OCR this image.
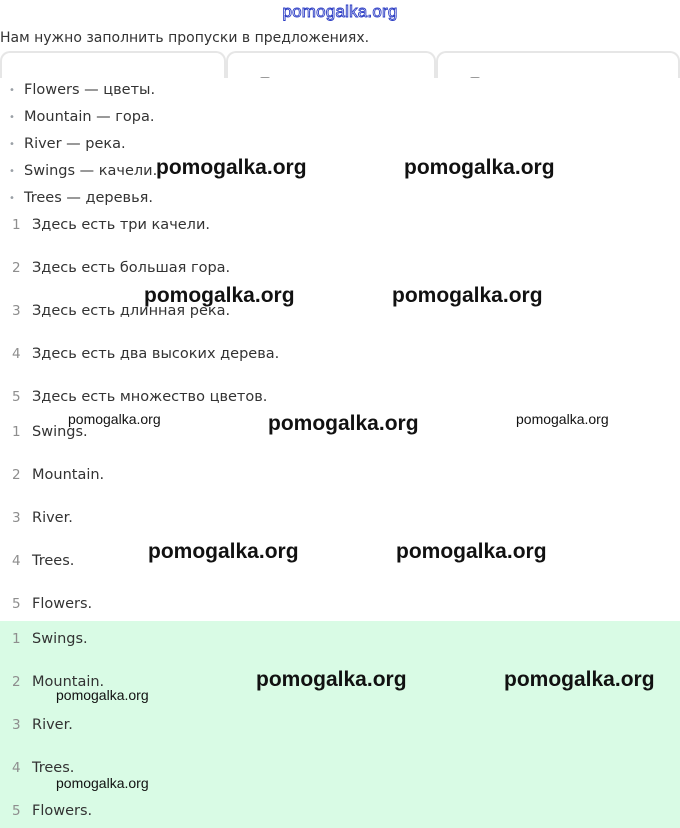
pomogalka.org
Нам нужно заполнить пропуски в предложениях.
• Flowers — цветы.
• Mountain — гора.
• River — река.
• Swings — качели.
• Trees — деревья.
1 Здесь есть три качели.
2 Здесь есть большая гора.
3 Здесь есть длинная река.
4 Здесь есть два высоких дерева.
5 Здесь есть множество цветов.
1 Swings.
2 Mountain.
3 River.
4 Trees.
5 Flowers.
1 Swings.
2 Mountain.
3 River.
4 Trees.
5 Flowers.
pomogalka.org	pomogalka.org
pomogalka.org	pomogalka.org
pomogalka.org	pomogalka.org	pomogalka.org
pomogalka.org	pomogalka.org
pomogalka.org	pomogalka.org
pomogalka.org
pomogalka.org
